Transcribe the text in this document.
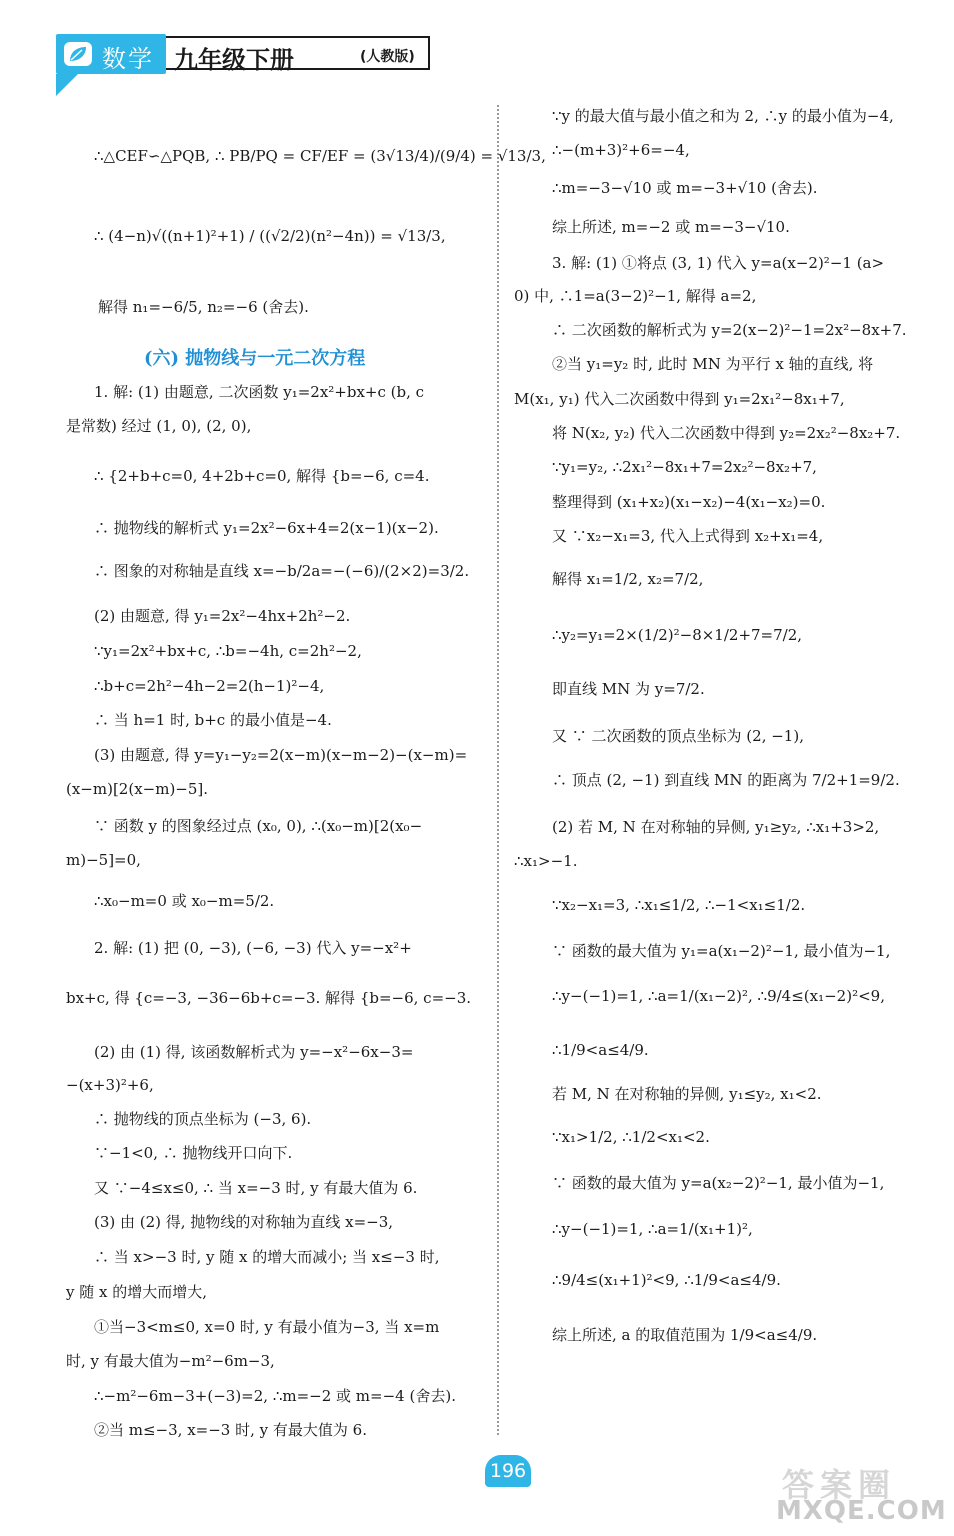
数学 九年级下册	(人教版)
∴△CEF∽△PQB, ∴ PB/PQ = CF/EF = (3√13/4)/(9/4) = √13/3,
∴ (4−n)√((n+1)²+1) / ((√2/2)(n²−4n)) = √13/3,
解得 n₁=−6/5, n₂=−6 (舍去).
(六) 抛物线与一元二次方程
1. 解: (1) 由题意, 二次函数 y₁=2x²+bx+c (b, c
是常数) 经过 (1, 0), (2, 0),
∴ {2+b+c=0, 4+2b+c=0, 解得 {b=−6, c=4.
∴ 抛物线的解析式 y₁=2x²−6x+4=2(x−1)(x−2).
∴ 图象的对称轴是直线 x=−b/2a=−(−6)/(2×2)=3/2.
(2) 由题意, 得 y₁=2x²−4hx+2h²−2.
∵y₁=2x²+bx+c, ∴b=−4h, c=2h²−2,
∴b+c=2h²−4h−2=2(h−1)²−4,
∴ 当 h=1 时, b+c 的最小值是−4.
(3) 由题意, 得 y=y₁−y₂=2(x−m)(x−m−2)−(x−m)=
(x−m)[2(x−m)−5].
∵ 函数 y 的图象经过点 (x₀, 0), ∴(x₀−m)[2(x₀−
m)−5]=0,
∴x₀−m=0 或 x₀−m=5/2.
2. 解: (1) 把 (0, −3), (−6, −3) 代入 y=−x²+
bx+c, 得 {c=−3, −36−6b+c=−3. 解得 {b=−6, c=−3.
(2) 由 (1) 得, 该函数解析式为 y=−x²−6x−3=
−(x+3)²+6,
∴ 抛物线的顶点坐标为 (−3, 6).
∵−1<0, ∴ 抛物线开口向下.
又 ∵−4≤x≤0, ∴ 当 x=−3 时, y 有最大值为 6.
(3) 由 (2) 得, 抛物线的对称轴为直线 x=−3,
∴ 当 x>−3 时, y 随 x 的增大而减小; 当 x≤−3 时,
y 随 x 的增大而增大,
①当−3<m≤0, x=0 时, y 有最小值为−3, 当 x=m
时, y 有最大值为−m²−6m−3,
∴−m²−6m−3+(−3)=2, ∴m=−2 或 m=−4 (舍去).
②当 m≤−3, x=−3 时, y 有最大值为 6.
∵y 的最大值与最小值之和为 2, ∴y 的最小值为−4,
∴−(m+3)²+6=−4,
∴m=−3−√10 或 m=−3+√10 (舍去).
综上所述, m=−2 或 m=−3−√10.
3. 解: (1) ①将点 (3, 1) 代入 y=a(x−2)²−1 (a>
0) 中, ∴1=a(3−2)²−1, 解得 a=2,
∴ 二次函数的解析式为 y=2(x−2)²−1=2x²−8x+7.
②当 y₁=y₂ 时, 此时 MN 为平行 x 轴的直线, 将
M(x₁, y₁) 代入二次函数中得到 y₁=2x₁²−8x₁+7,
将 N(x₂, y₂) 代入二次函数中得到 y₂=2x₂²−8x₂+7.
∵y₁=y₂, ∴2x₁²−8x₁+7=2x₂²−8x₂+7,
整理得到 (x₁+x₂)(x₁−x₂)−4(x₁−x₂)=0.
又 ∵x₂−x₁=3, 代入上式得到 x₂+x₁=4,
解得 x₁=1/2, x₂=7/2,
∴y₂=y₁=2×(1/2)²−8×1/2+7=7/2,
即直线 MN 为 y=7/2.
又 ∵ 二次函数的顶点坐标为 (2, −1),
∴ 顶点 (2, −1) 到直线 MN 的距离为 7/2+1=9/2.
(2) 若 M, N 在对称轴的异侧, y₁≥y₂, ∴x₁+3>2,
∴x₁>−1.
∵x₂−x₁=3, ∴x₁≤1/2, ∴−1<x₁≤1/2.
∵ 函数的最大值为 y₁=a(x₁−2)²−1, 最小值为−1,
∴y−(−1)=1, ∴a=1/(x₁−2)², ∴9/4≤(x₁−2)²<9,
∴1/9<a≤4/9.
若 M, N 在对称轴的异侧, y₁≤y₂, x₁<2.
∵x₁>1/2, ∴1/2<x₁<2.
∵ 函数的最大值为 y=a(x₂−2)²−1, 最小值为−1,
∴y−(−1)=1, ∴a=1/(x₁+1)²,
∴9/4≤(x₁+1)²<9, ∴1/9<a≤4/9.
综上所述, a 的取值范围为 1/9<a≤4/9.
196	答案圈
MXQE.COM
